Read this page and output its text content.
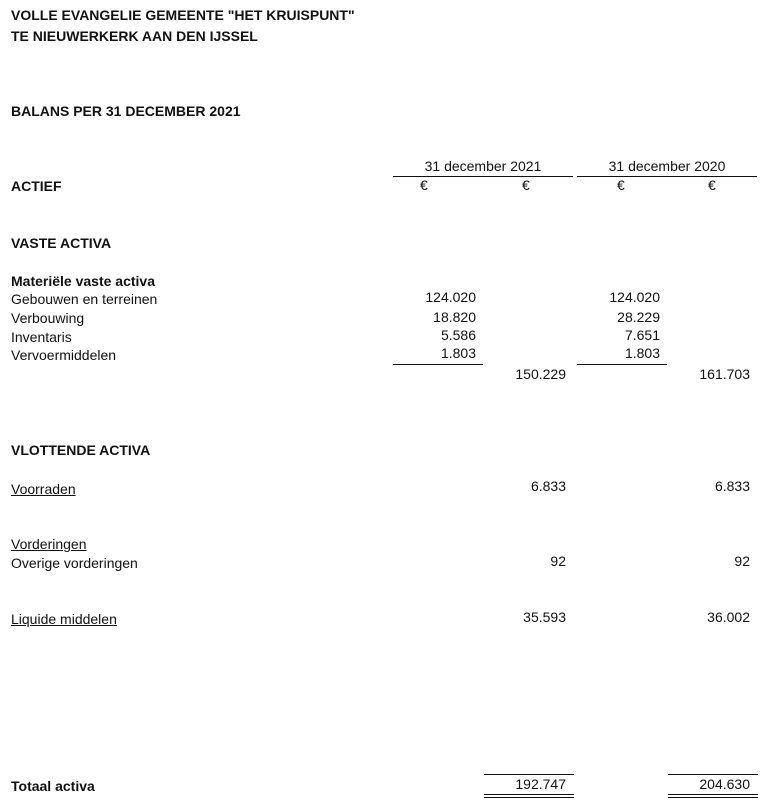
VOLLE EVANGELIE GEMEENTE "HET KRUISPUNT"
TE NIEUWERKERK AAN DEN IJSSEL
BALANS PER 31 DECEMBER 2021
31 december 2021	31 december 2020
€	€	€	€
ACTIEF
VASTE ACTIVA
Materiële vaste activa
Gebouwen en terreinen	124.020	124.020
Verbouwing	18.820	28.229
Inventaris	5.586	7.651
Vervoermiddelen	1.803	1.803
150.229	161.703
VLOTTENDE ACTIVA
Voorraden	6.833	6.833
Vorderingen
Overige vorderingen	92	92
Liquide middelen	35.593	36.002
Totaal activa	192.747	204.630
